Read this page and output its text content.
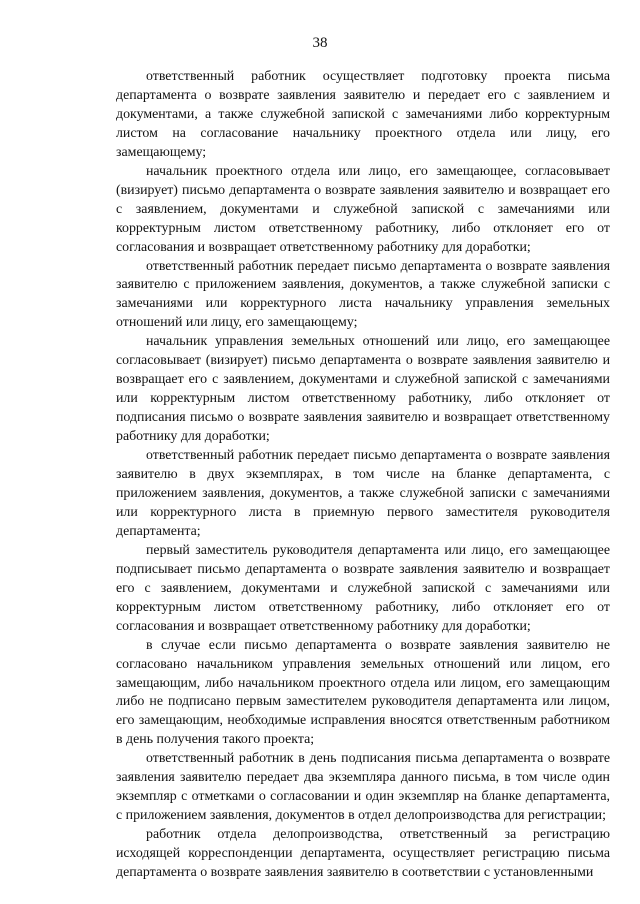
38

ответственный работник осуществляет подготовку проекта письма департамента о возврате заявления заявителю и передает его с заявлением и документами, а также служебной запиской с замечаниями либо корректурным листом на согласование начальнику проектного отдела или лицу, его замещающему;

начальник проектного отдела или лицо, его замещающее, согласовывает (визирует) письмо департамента о возврате заявления заявителю и возвращает его с заявлением, документами и служебной запиской с замечаниями или корректурным листом ответственному работнику, либо отклоняет его от согласования и возвращает ответственному работнику для доработки;

ответственный работник передает письмо департамента о возврате заявления заявителю с приложением заявления, документов, а также служебной записки с замечаниями или корректурного листа начальнику управления земельных отношений или лицу, его замещающему;

начальник управления земельных отношений или лицо, его замещающее согласовывает (визирует) письмо департамента о возврате заявления заявителю и возвращает его с заявлением, документами и служебной запиской с замечаниями или корректурным листом ответственному работнику, либо отклоняет от подписания письмо о возврате заявления заявителю и возвращает ответственному работнику для доработки;

ответственный работник передает письмо департамента о возврате заявления заявителю в двух экземплярах, в том числе на бланке департамента, с приложением заявления, документов, а также служебной записки с замечаниями или корректурного листа в приемную первого заместителя руководителя департамента;

первый заместитель руководителя департамента или лицо, его замещающее подписывает письмо департамента о возврате заявления заявителю и возвращает его с заявлением, документами и служебной запиской с замечаниями или корректурным листом ответственному работнику, либо отклоняет его от согласования и возвращает ответственному работнику для доработки;

в случае если письмо департамента о возврате заявления заявителю не согласовано начальником управления земельных отношений или лицом, его замещающим, либо начальником проектного отдела или лицом, его замещающим либо не подписано первым заместителем руководителя департамента или лицом, его замещающим, необходимые исправления вносятся ответственным работником в день получения такого проекта;

ответственный работник в день подписания письма департамента о возврате заявления заявителю передает два экземпляра данного письма, в том числе один экземпляр с отметками о согласовании и один экземпляр на бланке департамента, с приложением заявления, документов в отдел делопроизводства для регистрации;

работник отдела делопроизводства, ответственный за регистрацию исходящей корреспонденции департамента, осуществляет регистрацию письма департамента о возврате заявления заявителю в соответствии с установленными
